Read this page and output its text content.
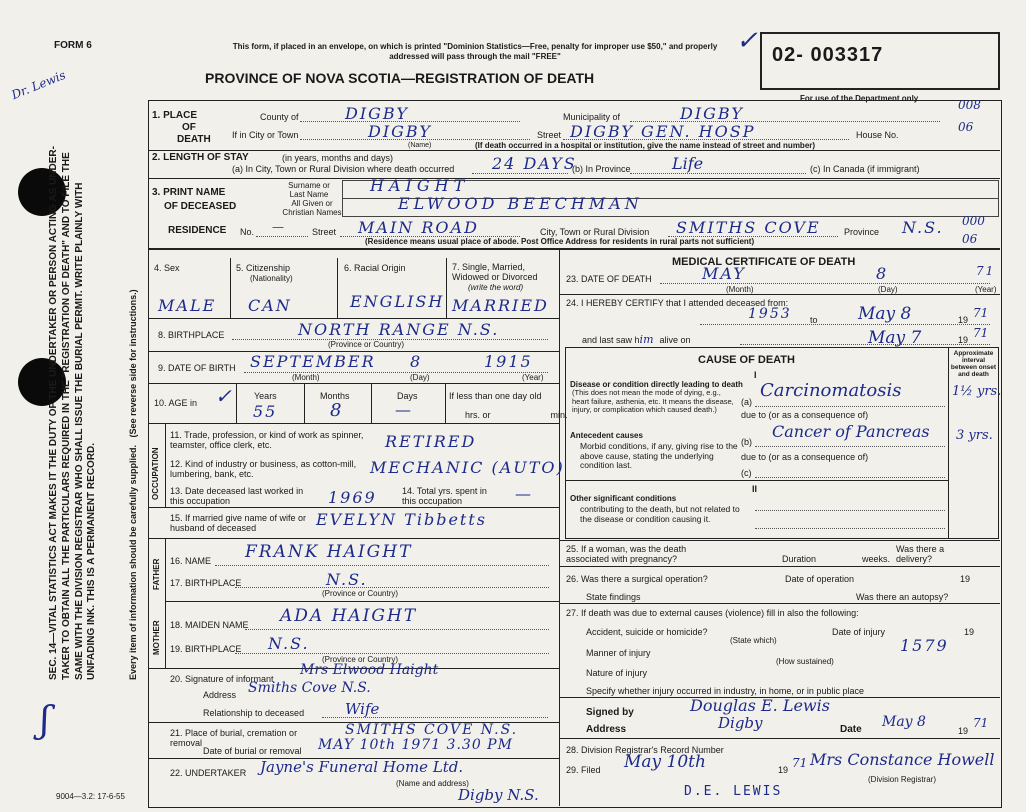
FORM 6
Dr. Lewis
✓
SEC. 14—VITAL STATISTICS ACT MAKES IT THE DUTY OF THE UNDERTAKER OR PERSON ACTING AS UNDER-TAKER TO OBTAIN ALL THE PARTICULARS REQUIRED IN THE "REGISTRATION OF DEATH" AND TO FILE THE SAME WITH THE DIVISION REGISTRAR WHO SHALL ISSUE THE BURIAL PERMIT. WRITE PLAINLY WITH UNFADING INK. THIS IS A PERMANENT RECORD.	Every item of information should be carefully supplied.   (See reverse side for instructions.)
9004—3.2: 17-6-55
ʃ
This form, if placed in an envelope, on which is printed "Dominion Statistics—Free, penalty for improper use $50," and properly addressed will pass through the mail "FREE"
PROVINCE OF NOVA SCOTIA—REGISTRATION OF DEATH
02- 003317
For use of the Department only
1. PLACE
OF
DEATH
County of	DIGBY	Municipality of	DIGBY	008
If in City or Town	DIGBY
(Name)
Street DIGBY GEN. HOSP	House No.
06
(If death occurred in a hospital or institution, give the name instead of street and number)
2. LENGTH OF STAY	(in years, months and days)
(a) In City, Town or Rural Division where death occurred 24 DAYS
(b) In Province	Life	(c) In Canada (if immigrant)
3. PRINT NAME
OF DECEASED
Surname or Last Name
All Given or Christian Names
HAIGHT
ELWOOD BEECHMAN
RESIDENCE No. —	Street MAIN ROAD	City, Town or Rural Division SMITHS COVE	Province N.S. 000
06
(Residence means usual place of abode. Post Office Address for residents in rural parts not sufficient)
4. Sex	5. Citizenship
(Nationality)
6. Racial Origin	7. Single, Married, Widowed or Divorced
(write the word)
MALE CAN	ENGLISH MARRIED
8. BIRTHPLACE	NORTH RANGE N.S.
(Province or Country)
9. DATE OF BIRTH SEPTEMBER 8	1915
(Month)	(Day)	(Year)
10. AGE in ✓ Years	Months	Days
55	8	—
If less than one day old
hrs. or	min.
OCCUPATION
11. Trade, profession, or kind of work as spinner, teamster, office clerk, etc.	RETIRED
12. Kind of industry or business, as cotton-mill, lumbering, bank, etc.	MECHANIC (AUTO)
13. Date deceased last worked in this occupation	1969	14. Total yrs. spent in this occupation	—
15. If married give name of wife or husband of deceased	EVELYN Tibbetts
FATHER
MOTHER
16. NAME FRANK HAIGHT
17. BIRTHPLACE	N.S.
(Province or Country)
18. MAIDEN NAME ADA HAIGHT
19. BIRTHPLACE N.S.
(Province or Country)
20. Signature of informant
Mrs Elwood Haight
Address Smiths Cove N.S.
Relationship to deceased	Wife
21. Place of burial, cremation or removal
SMITHS COVE N.S.
Date of burial or removal MAY 10th 1971 3.30 PM
22. UNDERTAKER Jayne's Funeral Home Ltd.
(Name and address)
Digby N.S.
MEDICAL CERTIFICATE OF DEATH
23. DATE OF DEATH	MAY	8	71
(Month)	(Day)	(Year)
24. I HEREBY CERTIFY that I attended deceased from:
1953 to May 8	19 71
and last saw him alive on	May 7	19 71
CAUSE OF DEATH
Approximate interval between onset and death
I
Disease or condition directly leading to death
(This does not mean the mode of dying, e.g., heart failure, asthenia, etc. It means the disease, injury, or complication which caused death.)
(a)
Carcinomatosis	1½ yrs.
due to (or as a consequence of)
Antecedent causes
Morbid conditions, if any, giving rise to the above cause, stating the underlying condition last.
(b)
Cancer of Pancreas 3 yrs.
due to (or as a consequence of)
(c)
II
Other significant conditions
contributing to the death, but not related to the disease or condition causing it.
25. If a woman, was the death associated with pregnancy?	Duration	weeks.
Was there a delivery?
26. Was there a surgical operation?	Date of operation	19
State findings	Was there an autopsy?
27. If death was due to external causes (violence) fill in also the following:
Accident, suicide or homicide?	Date of injury	19
(State which)
Manner of injury	1579
(How sustained)
Nature of injury
Specify whether injury occurred in industry, in home, or in public place
Signed by	Douglas E. Lewis
Address	Digby	Date May 8
19
71
28. Division Registrar's Record Number
29. Filed May 10th	19 71 Mrs Constance Howell
(Division Registrar)
D.E. LEWIS
